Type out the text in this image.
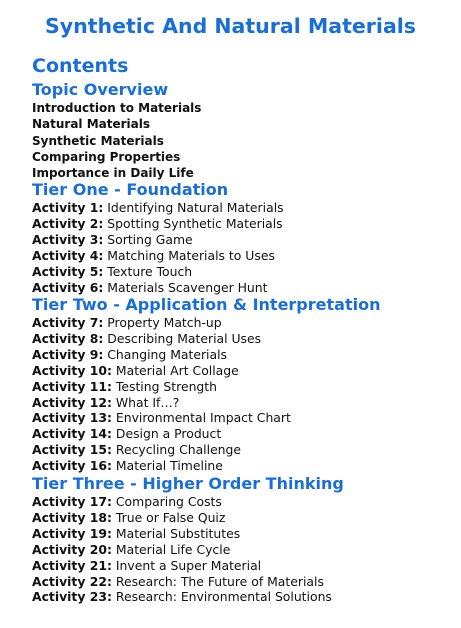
Synthetic And Natural Materials
Contents
Topic Overview
Introduction to Materials
Natural Materials
Synthetic Materials
Comparing Properties
Importance in Daily Life
Tier One - Foundation
Activity 1: Identifying Natural Materials
Activity 2: Spotting Synthetic Materials
Activity 3: Sorting Game
Activity 4: Matching Materials to Uses
Activity 5: Texture Touch
Activity 6: Materials Scavenger Hunt
Tier Two - Application & Interpretation
Activity 7: Property Match-up
Activity 8: Describing Material Uses
Activity 9: Changing Materials
Activity 10: Material Art Collage
Activity 11: Testing Strength
Activity 12: What If…?
Activity 13: Environmental Impact Chart
Activity 14: Design a Product
Activity 15: Recycling Challenge
Activity 16: Material Timeline
Tier Three - Higher Order Thinking
Activity 17: Comparing Costs
Activity 18: True or False Quiz
Activity 19: Material Substitutes
Activity 20: Material Life Cycle
Activity 21: Invent a Super Material
Activity 22: Research: The Future of Materials
Activity 23: Research: Environmental Solutions
